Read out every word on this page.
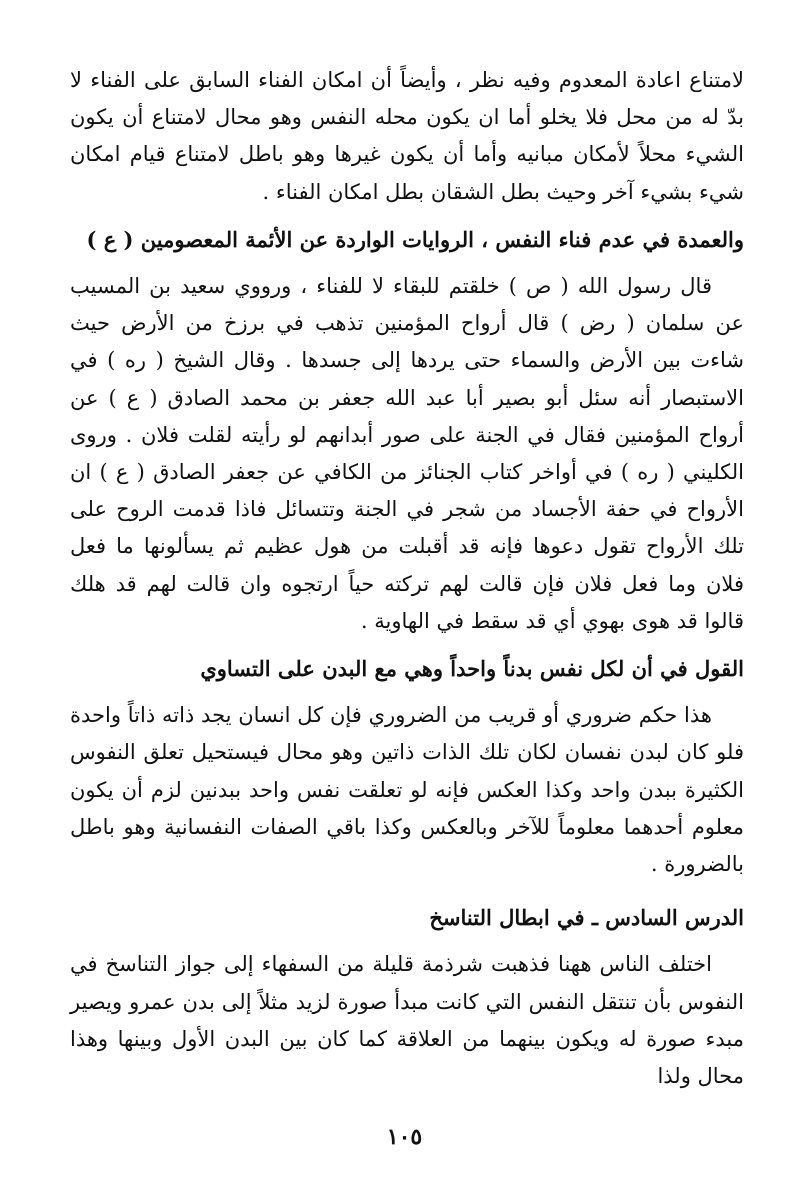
لامتناع اعادة المعدوم وفيه نظر ، وأيضاً أن امكان الفناء السابق على الفناء لا بدّ له من محل فلا يخلو أما ان يكون محله النفس وهو محال لامتناع أن يكون الشيء محلاً لأمكان مبانيه وأما أن يكون غيرها وهو باطل لامتناع قيام امكان شيء بشيء آخر وحيث بطل الشقان بطل امكان الفناء .

والعمدة في عدم فناء النفس ، الروايات الواردة عن الأئمة المعصومين ( ع )

قال رسول الله ( ص ) خلقتم للبقاء لا للفناء ، ورووي سعيد بن المسيب عن سلمان ( رض ) قال أرواح المؤمنين تذهب في برزخ من الأرض حيث شاءت بين الأرض والسماء حتى يردها إلى جسدها . وقال الشيخ ( ره ) في الاستبصار أنه سئل أبو بصير أبا عبد الله جعفر بن محمد الصادق ( ع ) عن أرواح المؤمنين فقال في الجنة على صور أبدانهم لو رأيته لقلت فلان . وروى الكليني ( ره ) في أواخر كتاب الجنائز من الكافي عن جعفر الصادق ( ع ) ان الأرواح في حفة الأجساد من شجر في الجنة وتتسائل فاذا قدمت الروح على تلك الأرواح تقول دعوها فإنه قد أقبلت من هول عظيم ثم يسألونها ما فعل فلان وما فعل فلان فإن قالت لهم تركته حياً ارتجوه وان قالت لهم قد هلك قالوا قد هوى بهوي أي قد سقط في الهاوية .

القول في أن لكل نفس بدناً واحداً وهي مع البدن على التساوي

هذا حكم ضروري أو قريب من الضروري فإن كل انسان يجد ذاته ذاتاً واحدة فلو كان لبدن نفسان لكان تلك الذات ذاتين وهو محال فيستحيل تعلق النفوس الكثيرة ببدن واحد وكذا العكس فإنه لو تعلقت نفس واحد ببدنين لزم أن يكون معلوم أحدهما معلوماً للآخر وبالعكس وكذا باقي الصفات النفسانية وهو باطل بالضرورة .

الدرس السادس ـ في ابطال التناسخ

اختلف الناس ههنا فذهبت شرذمة قليلة من السفهاء إلى جواز التناسخ في النفوس بأن تنتقل النفس التي كانت مبدأ صورة لزيد مثلاً إلى بدن عمرو ويصير مبدء صورة له ويكون بينهما من العلاقة كما كان بين البدن الأول وبينها وهذا محال ولذا

١٠٥
